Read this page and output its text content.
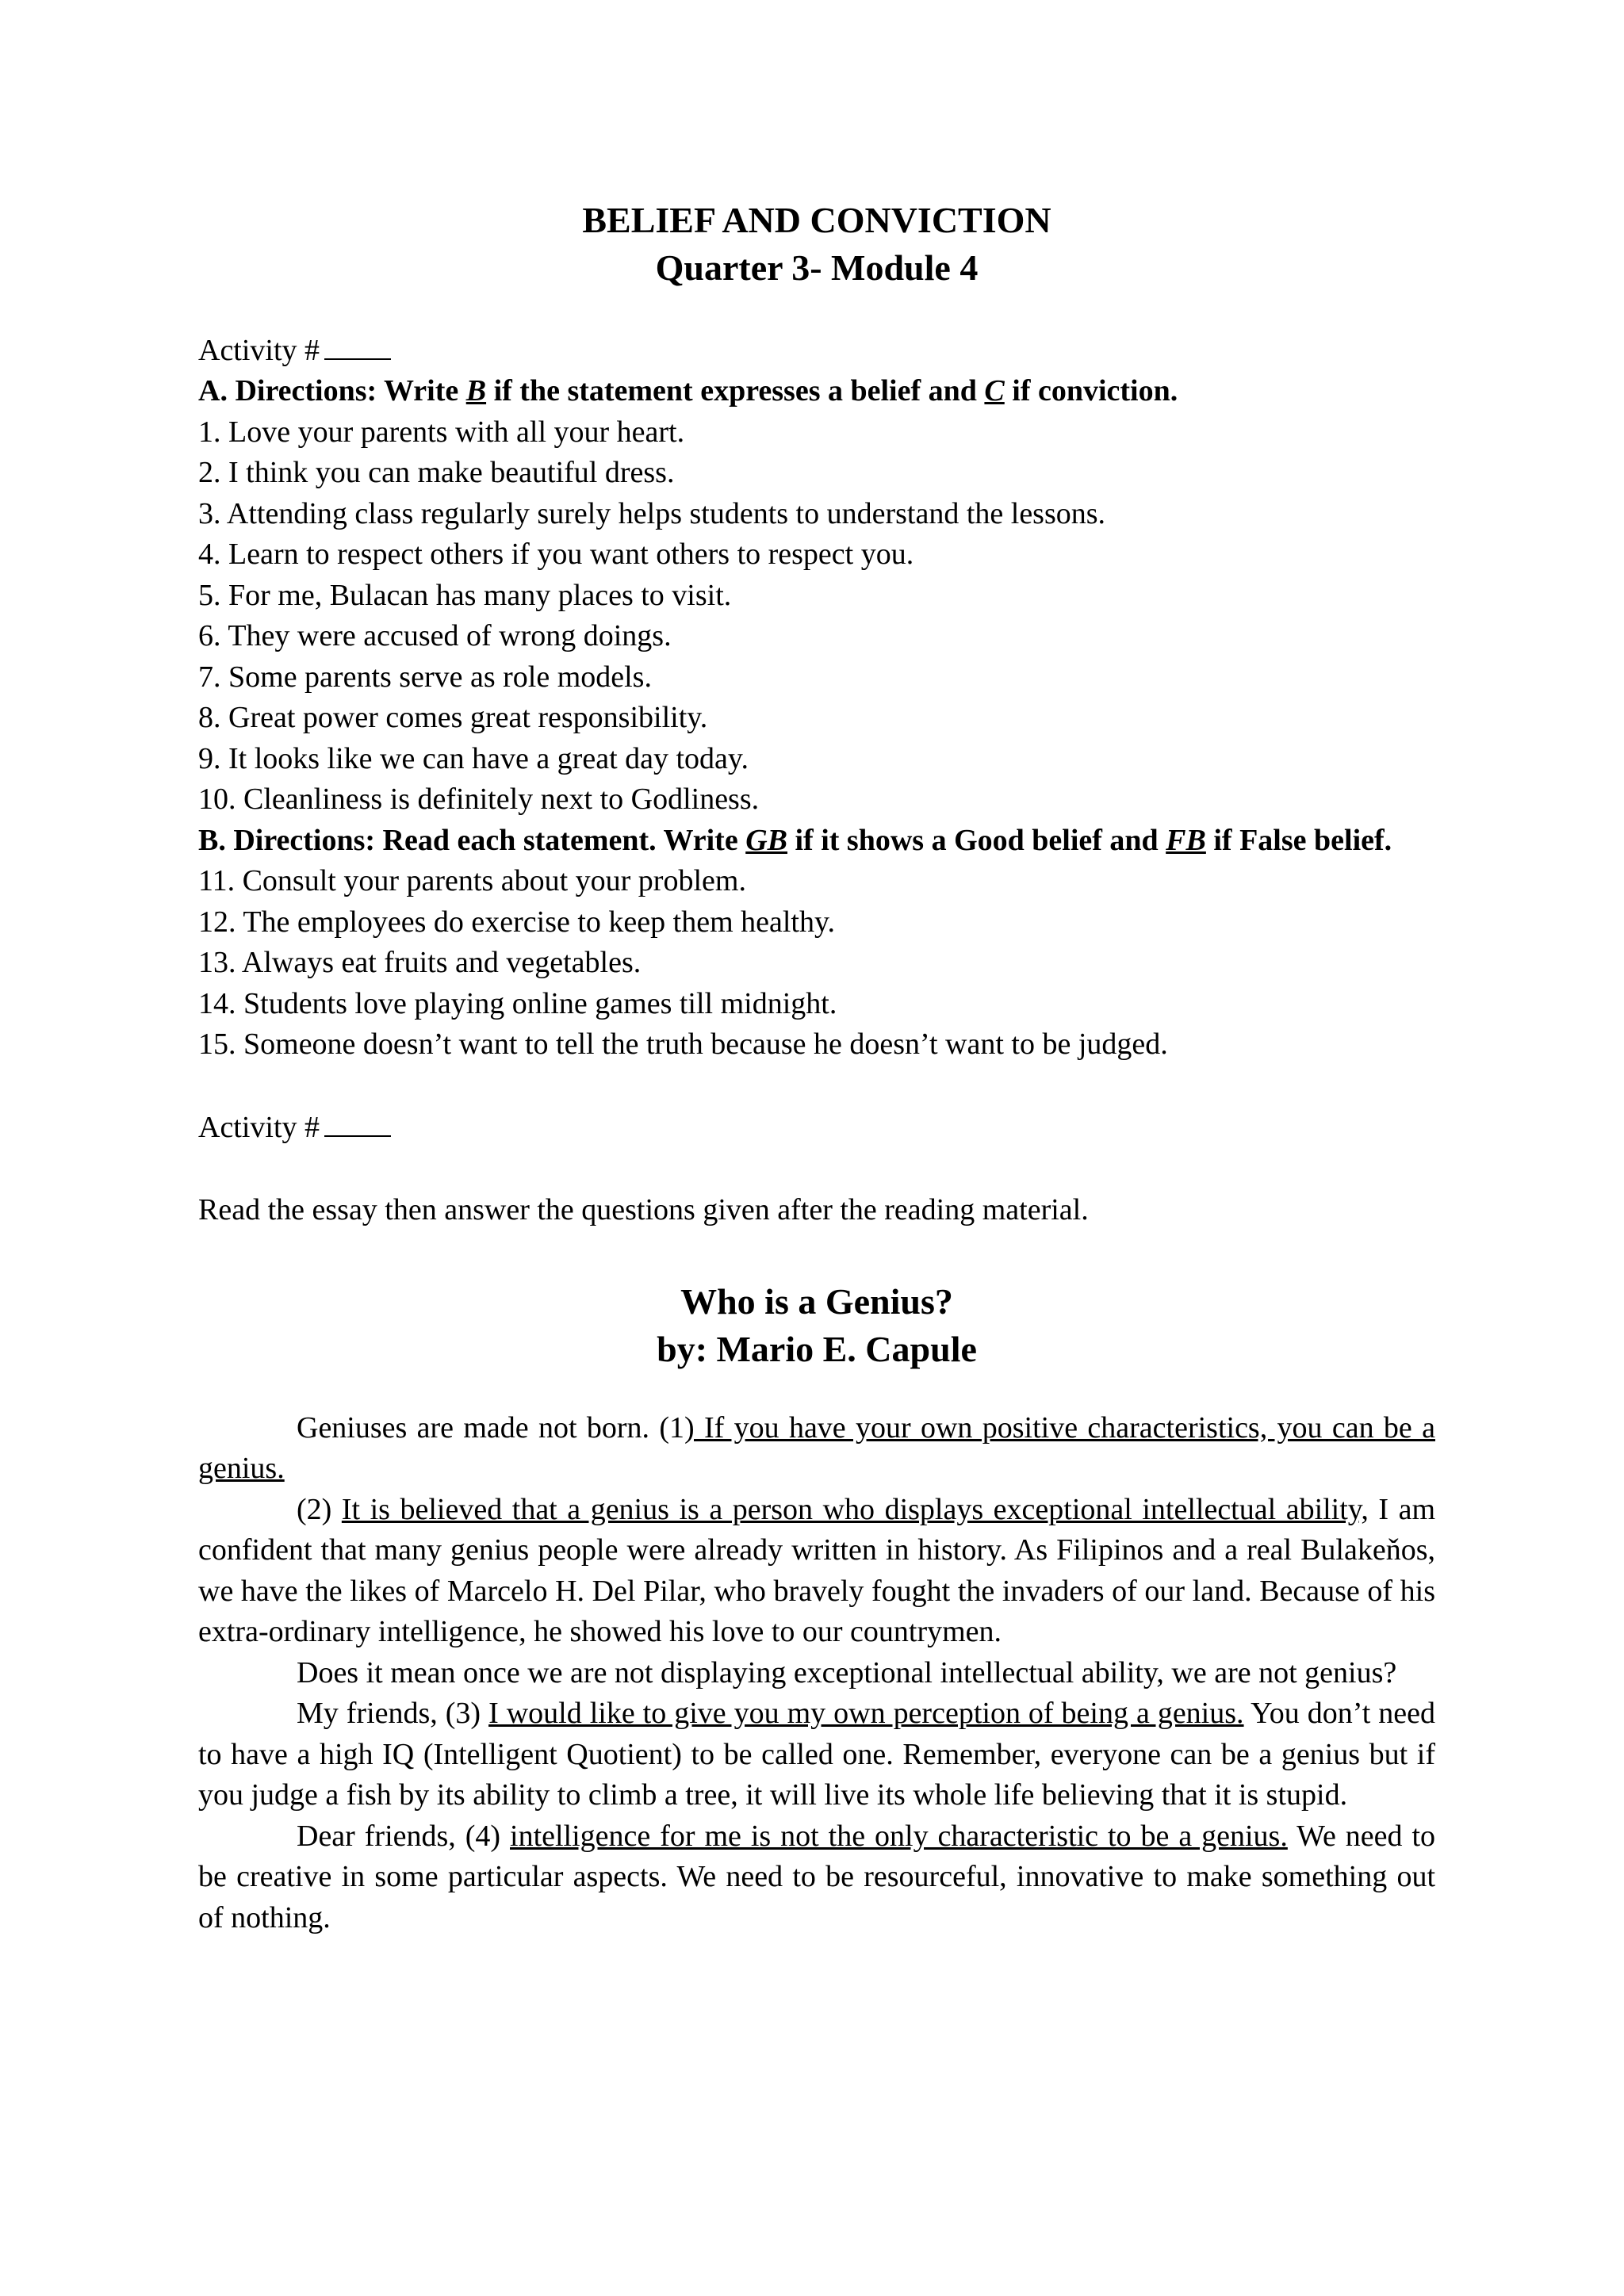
BELIEF AND CONVICTION
Quarter 3- Module 4

Activity #

A. Directions: Write B if the statement expresses a belief and C if conviction.

1. Love your parents with all your heart.
2. I think you can make beautiful dress.
3. Attending class regularly surely helps students to understand the lessons.
4. Learn to respect others if you want others to respect you.
5. For me, Bulacan has many places to visit.
6. They were accused of wrong doings.
7. Some parents serve as role models.
8. Great power comes great responsibility.
9. It looks like we can have a great day today.
10. Cleanliness is definitely next to Godliness.

B. Directions: Read each statement. Write GB if it shows a Good belief and FB if False belief.

11. Consult your parents about your problem.
12. The employees do exercise to keep them healthy.
13. Always eat fruits and vegetables.
14. Students love playing online games till midnight.
15. Someone doesn’t want to tell the truth because he doesn’t want to be judged.

Activity #

Read the essay then answer the questions given after the reading material.

Who is a Genius?
by: Mario E. Capule

Geniuses are made not born. (1) If you have your own positive characteristics, you can be a genius.

(2) It is believed that a genius is a person who displays exceptional intellectual ability, I am confident that many genius people were already written in history. As Filipinos and a real Bulakeňos, we have the likes of Marcelo H. Del Pilar, who bravely fought the invaders of our land. Because of his extra-ordinary intelligence, he showed his love to our countrymen.

Does it mean once we are not displaying exceptional intellectual ability, we are not genius?

My friends, (3) I would like to give you my own perception of being a genius. You don’t need to have a high IQ (Intelligent Quotient) to be called one. Remember, everyone can be a genius but if you judge a fish by its ability to climb a tree, it will live its whole life believing that it is stupid.

Dear friends, (4) intelligence for me is not the only characteristic to be a genius. We need to be creative in some particular aspects. We need to be resourceful, innovative to make something out of nothing.
